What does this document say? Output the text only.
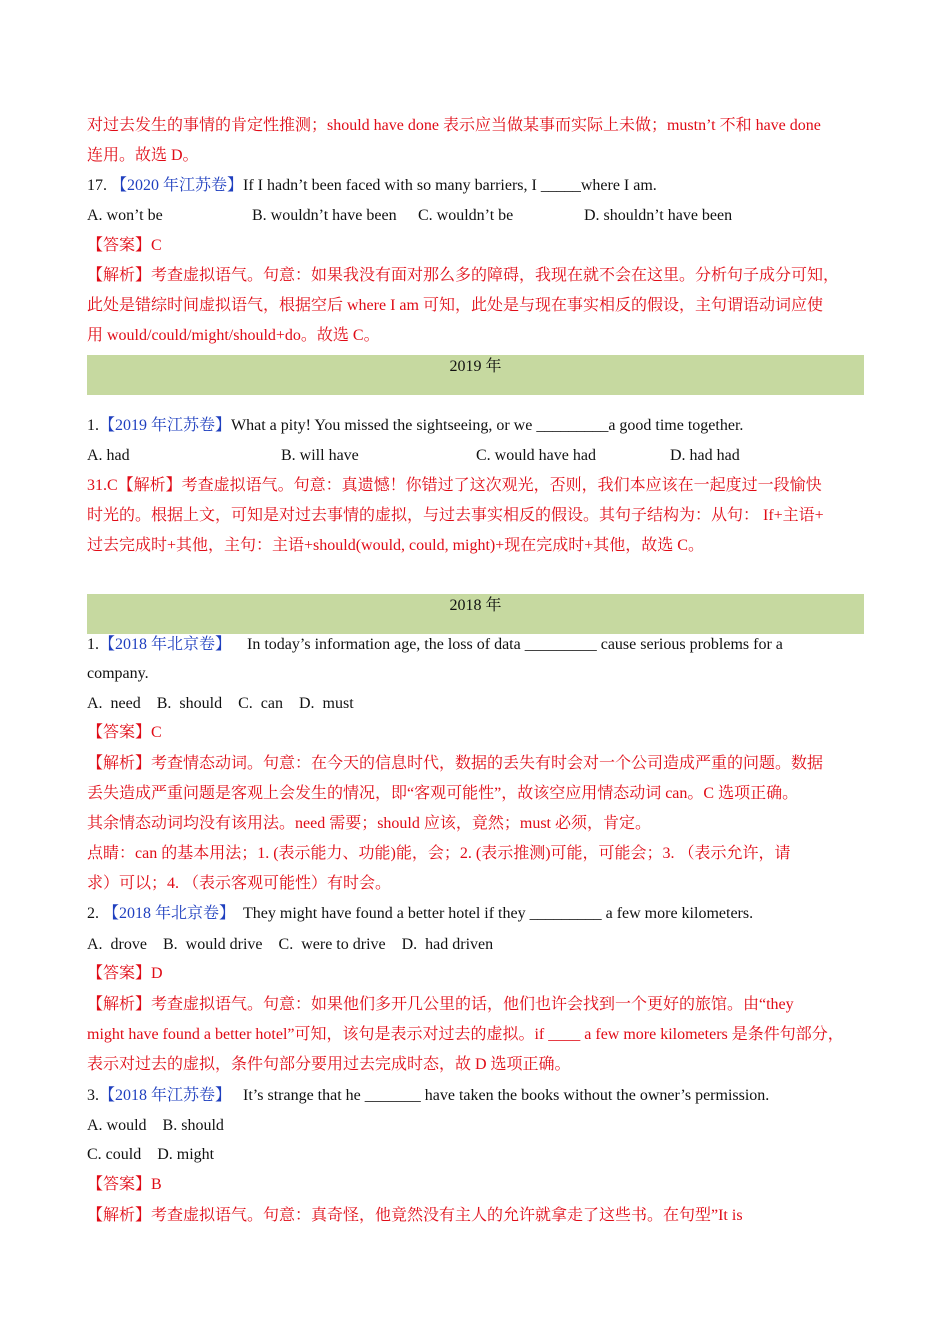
对过去发生的事情的肯定性推测；should have done 表示应当做某事而实际上未做；mustn’t 不和 have done
连用。故选 D。
17. 【2020 年江苏卷】If I hadn’t been faced with so many barriers, I _____where I am.
A. won’t be	B. wouldn’t have been C. wouldn’t be	D. shouldn’t have been
【答案】C
【解析】考查虚拟语气。句意：如果我没有面对那么多的障碍，我现在就不会在这里。分析句子成分可知，
此处是错综时间虚拟语气，根据空后 where I am 可知，此处是与现在事实相反的假设，主句谓语动词应使
用 would/could/might/should+do。故选 C。
2019 年
1.【2019 年江苏卷】What a pity! You missed the sightseeing, or we _________a good time together.
A. had	B. will have	C. would have had	D. had had
31.C【解析】考查虚拟语气。句意：真遗憾！你错过了这次观光，否则，我们本应该在一起度过一段愉快
时光的。根据上文，可知是对过去事情的虚拟，与过去事实相反的假设。其句子结构为：从句： If+主语+
过去完成时+其他，主句：主语+should(would, could, might)+现在完成时+其他，故选 C。
2018 年
1.【2018 年北京卷】 In today’s information age, the loss of data _________ cause serious problems for a
company.
A.  need    B.  should    C.  can    D.  must
【答案】C
【解析】考查情态动词。句意：在今天的信息时代，数据的丢失有时会对一个公司造成严重的问题。数据
丢失造成严重问题是客观上会发生的情况，即“客观可能性”，故该空应用情态动词 can。C 选项正确。
其余情态动词均没有该用法。need 需要；should 应该，竟然；must 必须，肯定。
点睛：can 的基本用法；1. (表示能力、功能)能，会；2. (表示推测)可能，可能会；3. （表示允许，请
求）可以；4. （表示客观可能性）有时会。
2. 【2018 年北京卷】 They might have found a better hotel if they _________ a few more kilometers.
A.  drove    B.  would drive    C.  were to drive    D.  had driven
【答案】D
【解析】考查虚拟语气。句意：如果他们多开几公里的话，他们也许会找到一个更好的旅馆。由“they
might have found a better hotel”可知，该句是表示对过去的虚拟。if ____ a few more kilometers 是条件句部分，
表示对过去的虚拟，条件句部分要用过去完成时态，故 D 选项正确。
3.【2018 年江苏卷】 It’s strange that he _______ have taken the books without the owner’s permission.
A. would    B. should
C. could    D. might
【答案】B
【解析】考查虚拟语气。句意：真奇怪，他竟然没有主人的允许就拿走了这些书。在句型”It is
